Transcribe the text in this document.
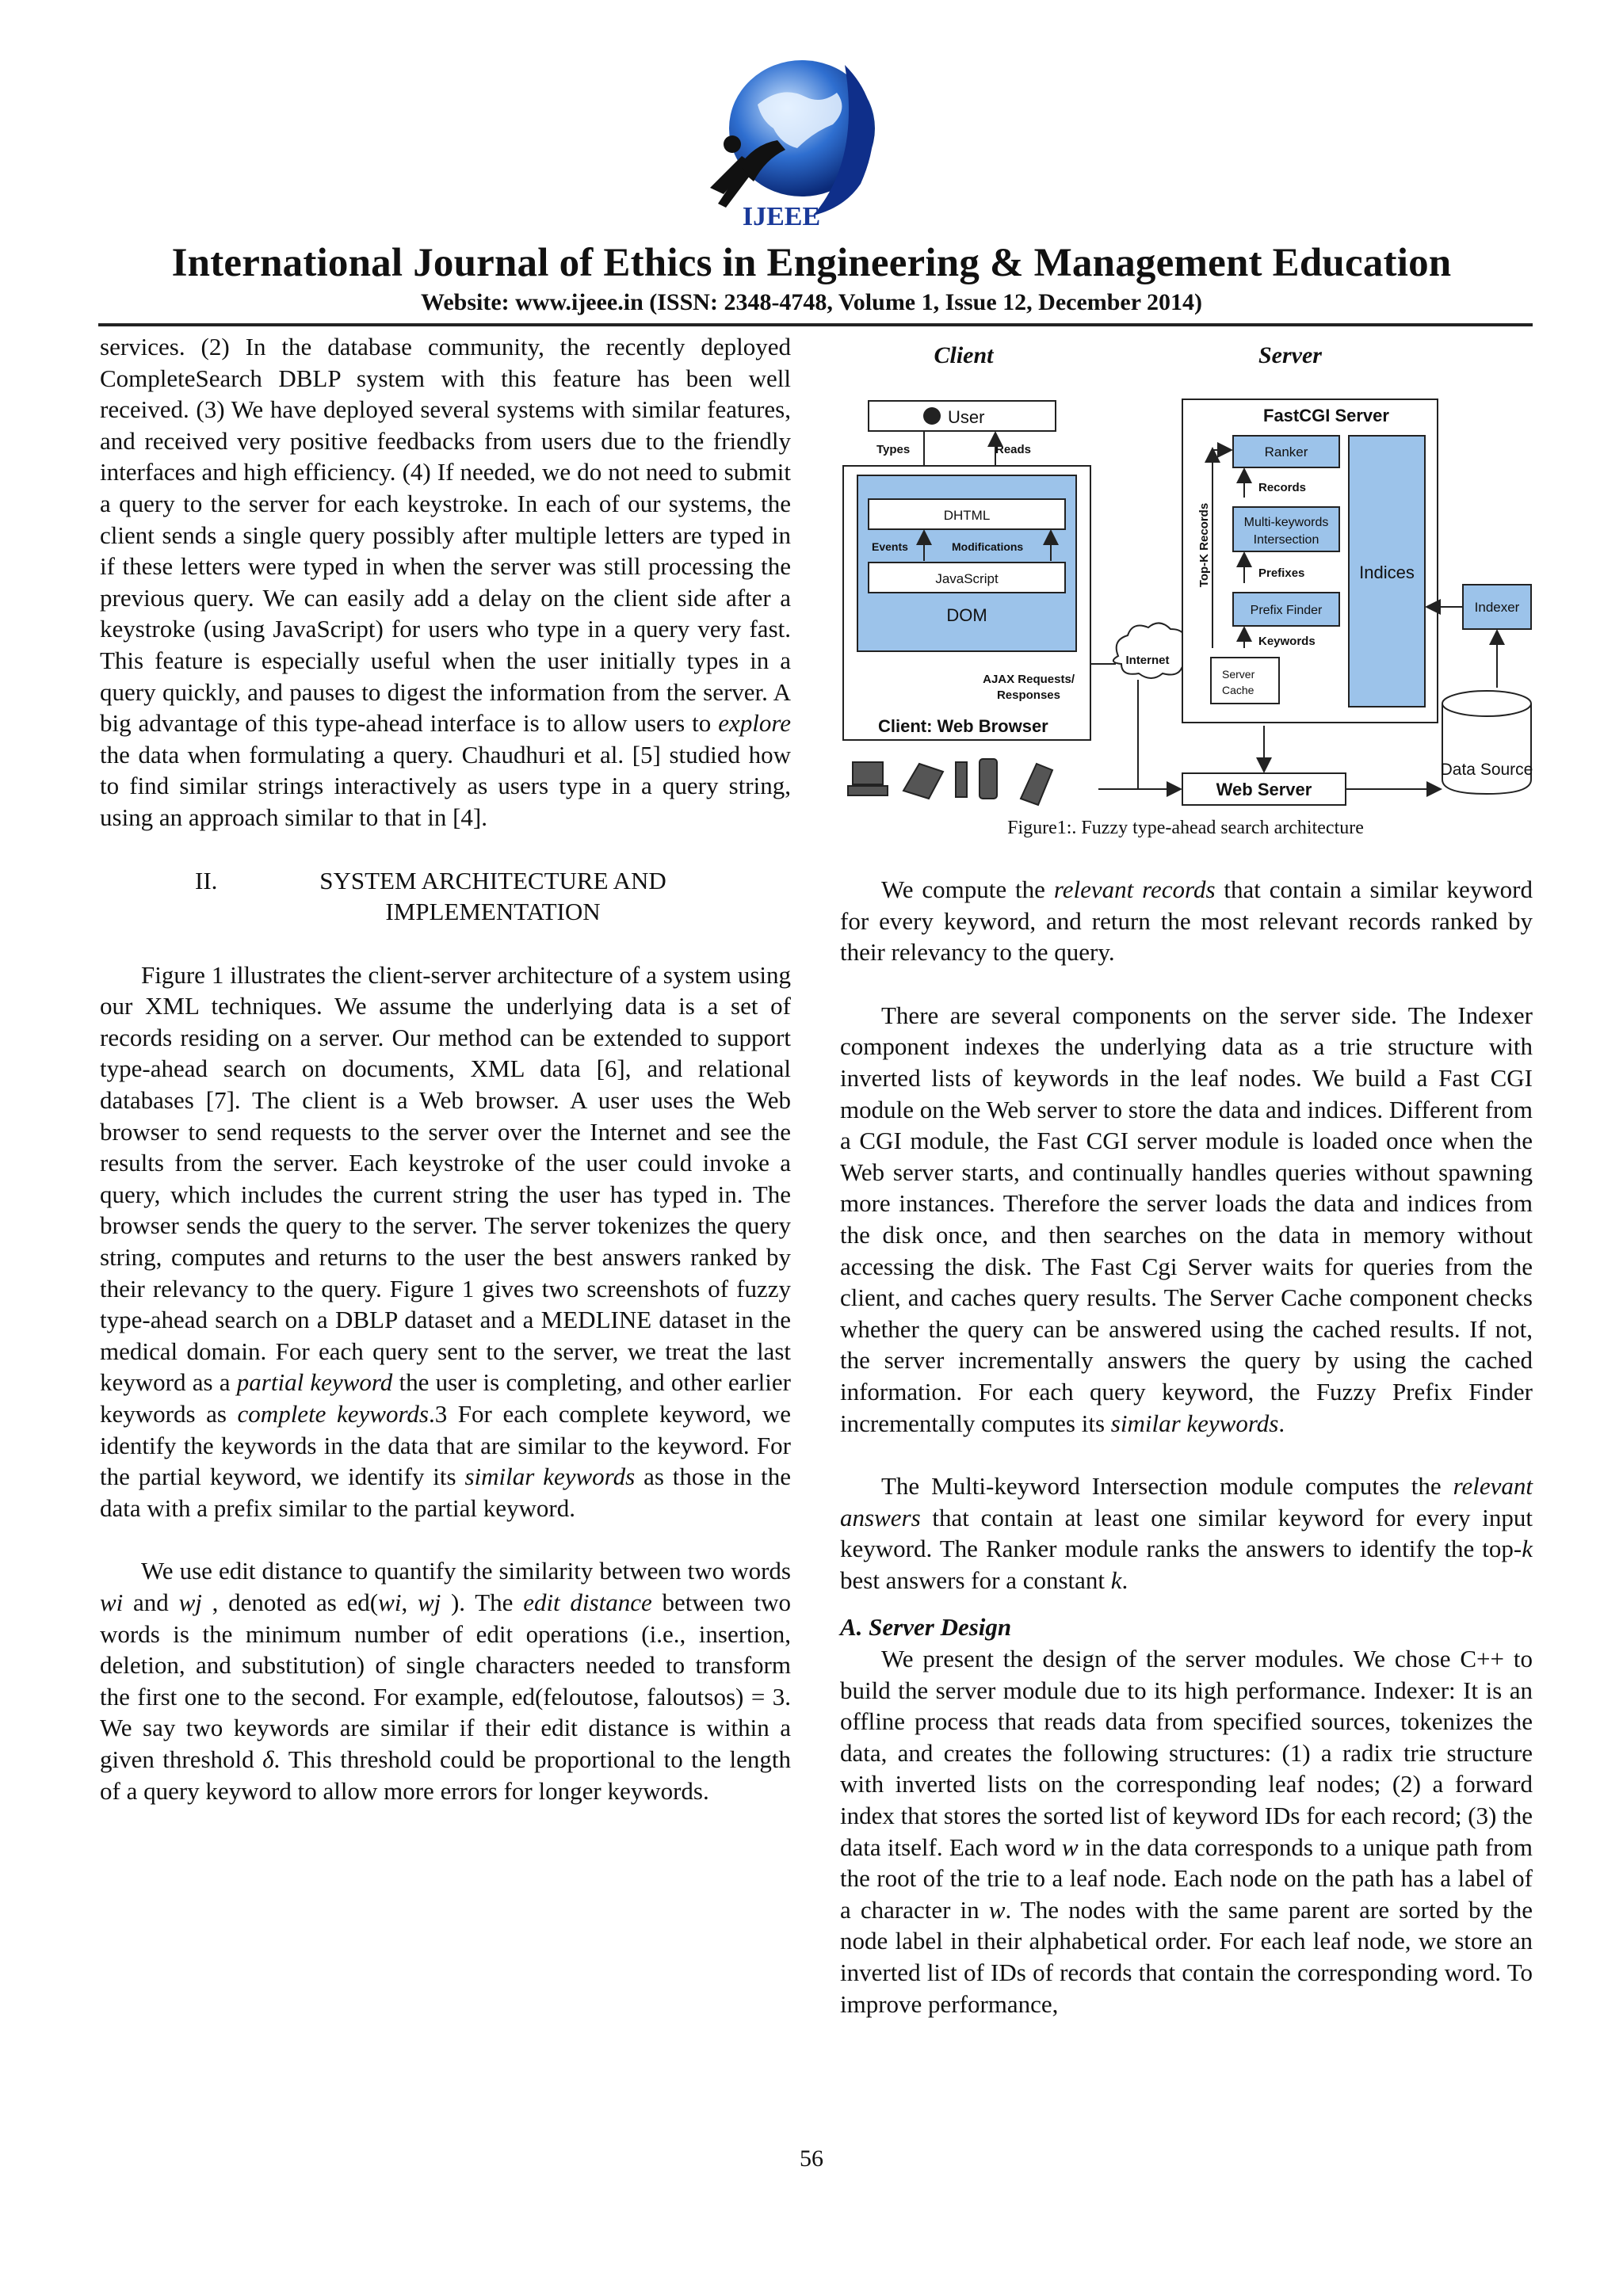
IJEEE
International Journal of Ethics in Engineering & Management Education
Website: www.ijeee.in (ISSN: 2348-4748, Volume 1, Issue 12, December 2014)

services. (2) In the database community, the recently deployed CompleteSearch DBLP system with this feature has been well received. (3) We have deployed several systems with similar features, and received very positive feedbacks from users due to the friendly interfaces and high efficiency. (4) If needed, we do not need to submit a query to the server for each keystroke. In each of our systems, the client sends a single query possibly after multiple letters are typed in if these letters were typed in when the server was still processing the previous query. We can easily add a delay on the client side after a keystroke (using JavaScript) for users who type in a query very fast. This feature is especially useful when the user initially types in a query quickly, and pauses to digest the information from the server. A big advantage of this type-ahead interface is to allow users to explore the data when formulating a query. Chaudhuri et al. [5] studied how to find similar strings interactively as users type in a query string, using an approach similar to that in [4].

II.	SYSTEM ARCHITECTURE AND
IMPLEMENTATION

Figure 1 illustrates the client-server architecture of a system using our XML techniques. We assume the underlying data is a set of records residing on a server. Our method can be extended to support type-ahead search on documents, XML data [6], and relational databases [7]. The client is a Web browser. A user uses the Web browser to send requests to the server over the Internet and see the results from the server. Each keystroke of the user could invoke a query, which includes the current string the user has typed in. The browser sends the query to the server. The server tokenizes the query string, computes and returns to the user the best answers ranked by their relevancy to the query. Figure 1 gives two screenshots of fuzzy type-ahead search on a DBLP dataset and a MEDLINE dataset in the medical domain. For each query sent to the server, we treat the last keyword as a partial keyword the user is completing, and other earlier keywords as complete keywords.3 For each complete keyword, we identify the keywords in the data that are similar to the keyword. For the partial keyword, we identify its similar keywords as those in the data with a prefix similar to the partial keyword.

We use edit distance to quantify the similarity between two words wi and wj , denoted as ed(wi, wj ). The edit distance between two words is the minimum number of edit operations (i.e., insertion, deletion, and substitution) of single characters needed to transform the first one to the second. For example, ed(feloutose, faloutsos) = 3. We say two keywords are similar if their edit distance is within a given threshold δ. This threshold could be proportional to the length of a query keyword to allow more errors for longer keywords.

Client	Server
User
Types	Reads
DHTML
Events	Modifications
JavaScript
DOM
Client: Web Browser
AJAX Requests/
Responses
Internet
FastCGI Server
Ranker
Records
Multi-keywords
Intersection
Prefixes
Prefix Finder
Keywords
Server
Cache
Top-K Records	Indices
Indexer
Web Server
Data Source
Figure1:. Fuzzy type-ahead search architecture

We compute the relevant records that contain a similar keyword for every keyword, and return the most relevant records ranked by their relevancy to the query.

There are several components on the server side. The Indexer component indexes the underlying data as a trie structure with inverted lists of keywords in the leaf nodes. We build a Fast CGI module on the Web server to store the data and indices. Different from a CGI module, the Fast CGI server module is loaded once when the Web server starts, and continually handles queries without spawning more instances. Therefore the server loads the data and indices from the disk once, and then searches on the data in memory without accessing the disk. The Fast Cgi Server waits for queries from the client, and caches query results. The Server Cache component checks whether the query can be answered using the cached results. If not, the server incrementally answers the query by using the cached information. For each query keyword, the Fuzzy Prefix Finder incrementally computes its similar keywords.

The Multi-keyword Intersection module computes the relevant answers that contain at least one similar keyword for every input keyword. The Ranker module ranks the answers to identify the top-k best answers for a constant k.

A. Server Design

We present the design of the server modules. We chose C++ to build the server module due to its high performance. Indexer: It is an offline process that reads data from specified sources, tokenizes the data, and creates the following structures: (1) a radix trie structure with inverted lists on the corresponding leaf nodes; (2) a forward index that stores the sorted list of keyword IDs for each record; (3) the data itself. Each word w in the data corresponds to a unique path from the root of the trie to a leaf node. Each node on the path has a label of a character in w. The nodes with the same parent are sorted by the node label in their alphabetical order. For each leaf node, we store an inverted list of IDs of records that contain the corresponding word. To improve performance,

56
